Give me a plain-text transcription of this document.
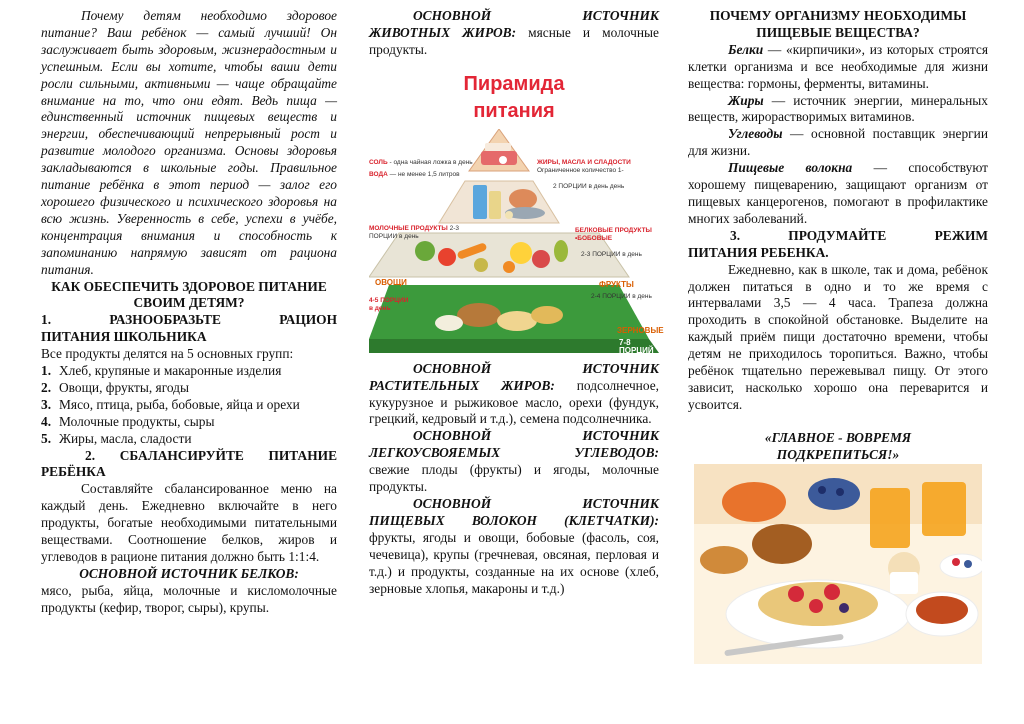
Почему детям необходимо здоровое питание? Ваш ребёнок — самый лучший! Он заслуживает быть здоровым, жизнерадостным и успешным. Если вы хотите, чтобы ваши дети росли сильными, активными — чаще обращайте внимание на то, что они едят. Ведь пища — единственный источник пищевых веществ и энергии, обеспечивающий непрерывный рост и развитие молодого организма. Основы здоровья закладываются в школьные годы. Правильное питание ребёнка в этот период — залог его хорошего физического и психического здоровья на всю жизнь. Уверенность в себе, успехи в учёбе, концентрация внимания и способность к запоминанию напрямую зависят от рациона питания.

КАК ОБЕСПЕЧИТЬ ЗДОРОВОЕ ПИТАНИЕ СВОИМ ДЕТЯМ?

1. РАЗНООБРАЗЬТЕ РАЦИОН

ПИТАНИЯ ШКОЛЬНИКА

Все продукты делятся на 5 основных групп:

1. Хлеб, крупяные и макаронные изделия
2. Овощи, фрукты, ягоды
3. Мясо, птица, рыба, бобовые, яйца и орехи
4. Молочные продукты, сыры
5. Жиры, масла, сладости

2. СБАЛАНСИРУЙТЕ ПИТАНИЕ

РЕБЁНКА

Составляйте сбалансированное меню на каждый день. Ежедневно включайте в него продукты, богатые необходимыми питательными веществами. Соотношение белков, жиров и углеводов в рационе питания должно быть 1:1:4.

ОСНОВНОЙ ИСТОЧНИК БЕЛКОВ:

мясо, рыба, яйца, молочные и кисломолочные продукты (кефир, творог, сыры), крупы.

ОСНОВНОЙ ИСТОЧНИК

ЖИВОТНЫХ ЖИРОВ: мясные и молочные продукты.

Пирамида
питания
СОЛЬ - одна чайная ложка в день
ВОДА — не менее 1,5 литров
ЖИРЫ, МАСЛА И СЛАДОСТИ
Ограниченное количество 1-
2 ПОРЦИИ в день день
МОЛОЧНЫЕ ПРОДУКТЫ 2-3
ПОРЦИИ в день
БЕЛКОВЫЕ ПРОДУКТЫ
•БОБОВЫЕ
2-3 ПОРЦИИ в день
ОВОЩИ
4-5 ПОРЦИИ
в день
ФРУКТЫ
2-4 ПОРЦИИ в день
ЗЕРНОВЫЕ
7-8 ПОРЦИЙ

ОСНОВНОЙ ИСТОЧНИК

РАСТИТЕЛЬНЫХ ЖИРОВ: подсолнечное, кукурузное и рыжиковое масло, орехи (фундук, грецкий, кедровый и т.д.), семена подсолнечника.

ОСНОВНОЙ ИСТОЧНИК

ЛЕГКОУСВОЯЕМЫХ УГЛЕВОДОВ:

свежие плоды (фрукты) и ягоды, молочные продукты.

ОСНОВНОЙ ИСТОЧНИК

ПИЩЕВЫХ ВОЛОКОН (КЛЕТЧАТКИ):

фрукты, ягоды и овощи, бобовые (фасоль, соя, чечевица), крупы (гречневая, овсяная, перловая и т.д.) и продукты, созданные на их основе (хлеб, зерновые хлопья, макароны и т.д.)

ПОЧЕМУ ОРГАНИЗМУ НЕОБХОДИМЫ ПИЩЕВЫЕ ВЕЩЕСТВА?

Белки — «кирпичики», из которых строятся клетки организма и все необходимые для жизни вещества: гормоны, ферменты, витамины.

Жиры — источник энергии, минеральных веществ, жирорастворимых витаминов.

Углеводы — основной поставщик энергии для жизни.

Пищевые волокна — способствуют хорошему пищеварению, защищают организм от пищевых канцерогенов, помогают в профилактике многих заболеваний.

3. ПРОДУМАЙТЕ РЕЖИМ

ПИТАНИЯ РЕБЕНКА.

Ежедневно, как в школе, так и дома, ребёнок должен питаться в одно и то же время с интервалами 3,5 — 4 часа. Трапеза должна проходить в спокойной обстановке. Выделите на каждый приём пищи достаточно времени, чтобы детям не приходилось торопиться. Важно, чтобы ребёнок тщательно пережевывал пищу. От этого зависит, насколько хорошо она переварится и усвоится.

«ГЛАВНОЕ - ВОВРЕМЯ

ПОДКРЕПИТЬСЯ!»
